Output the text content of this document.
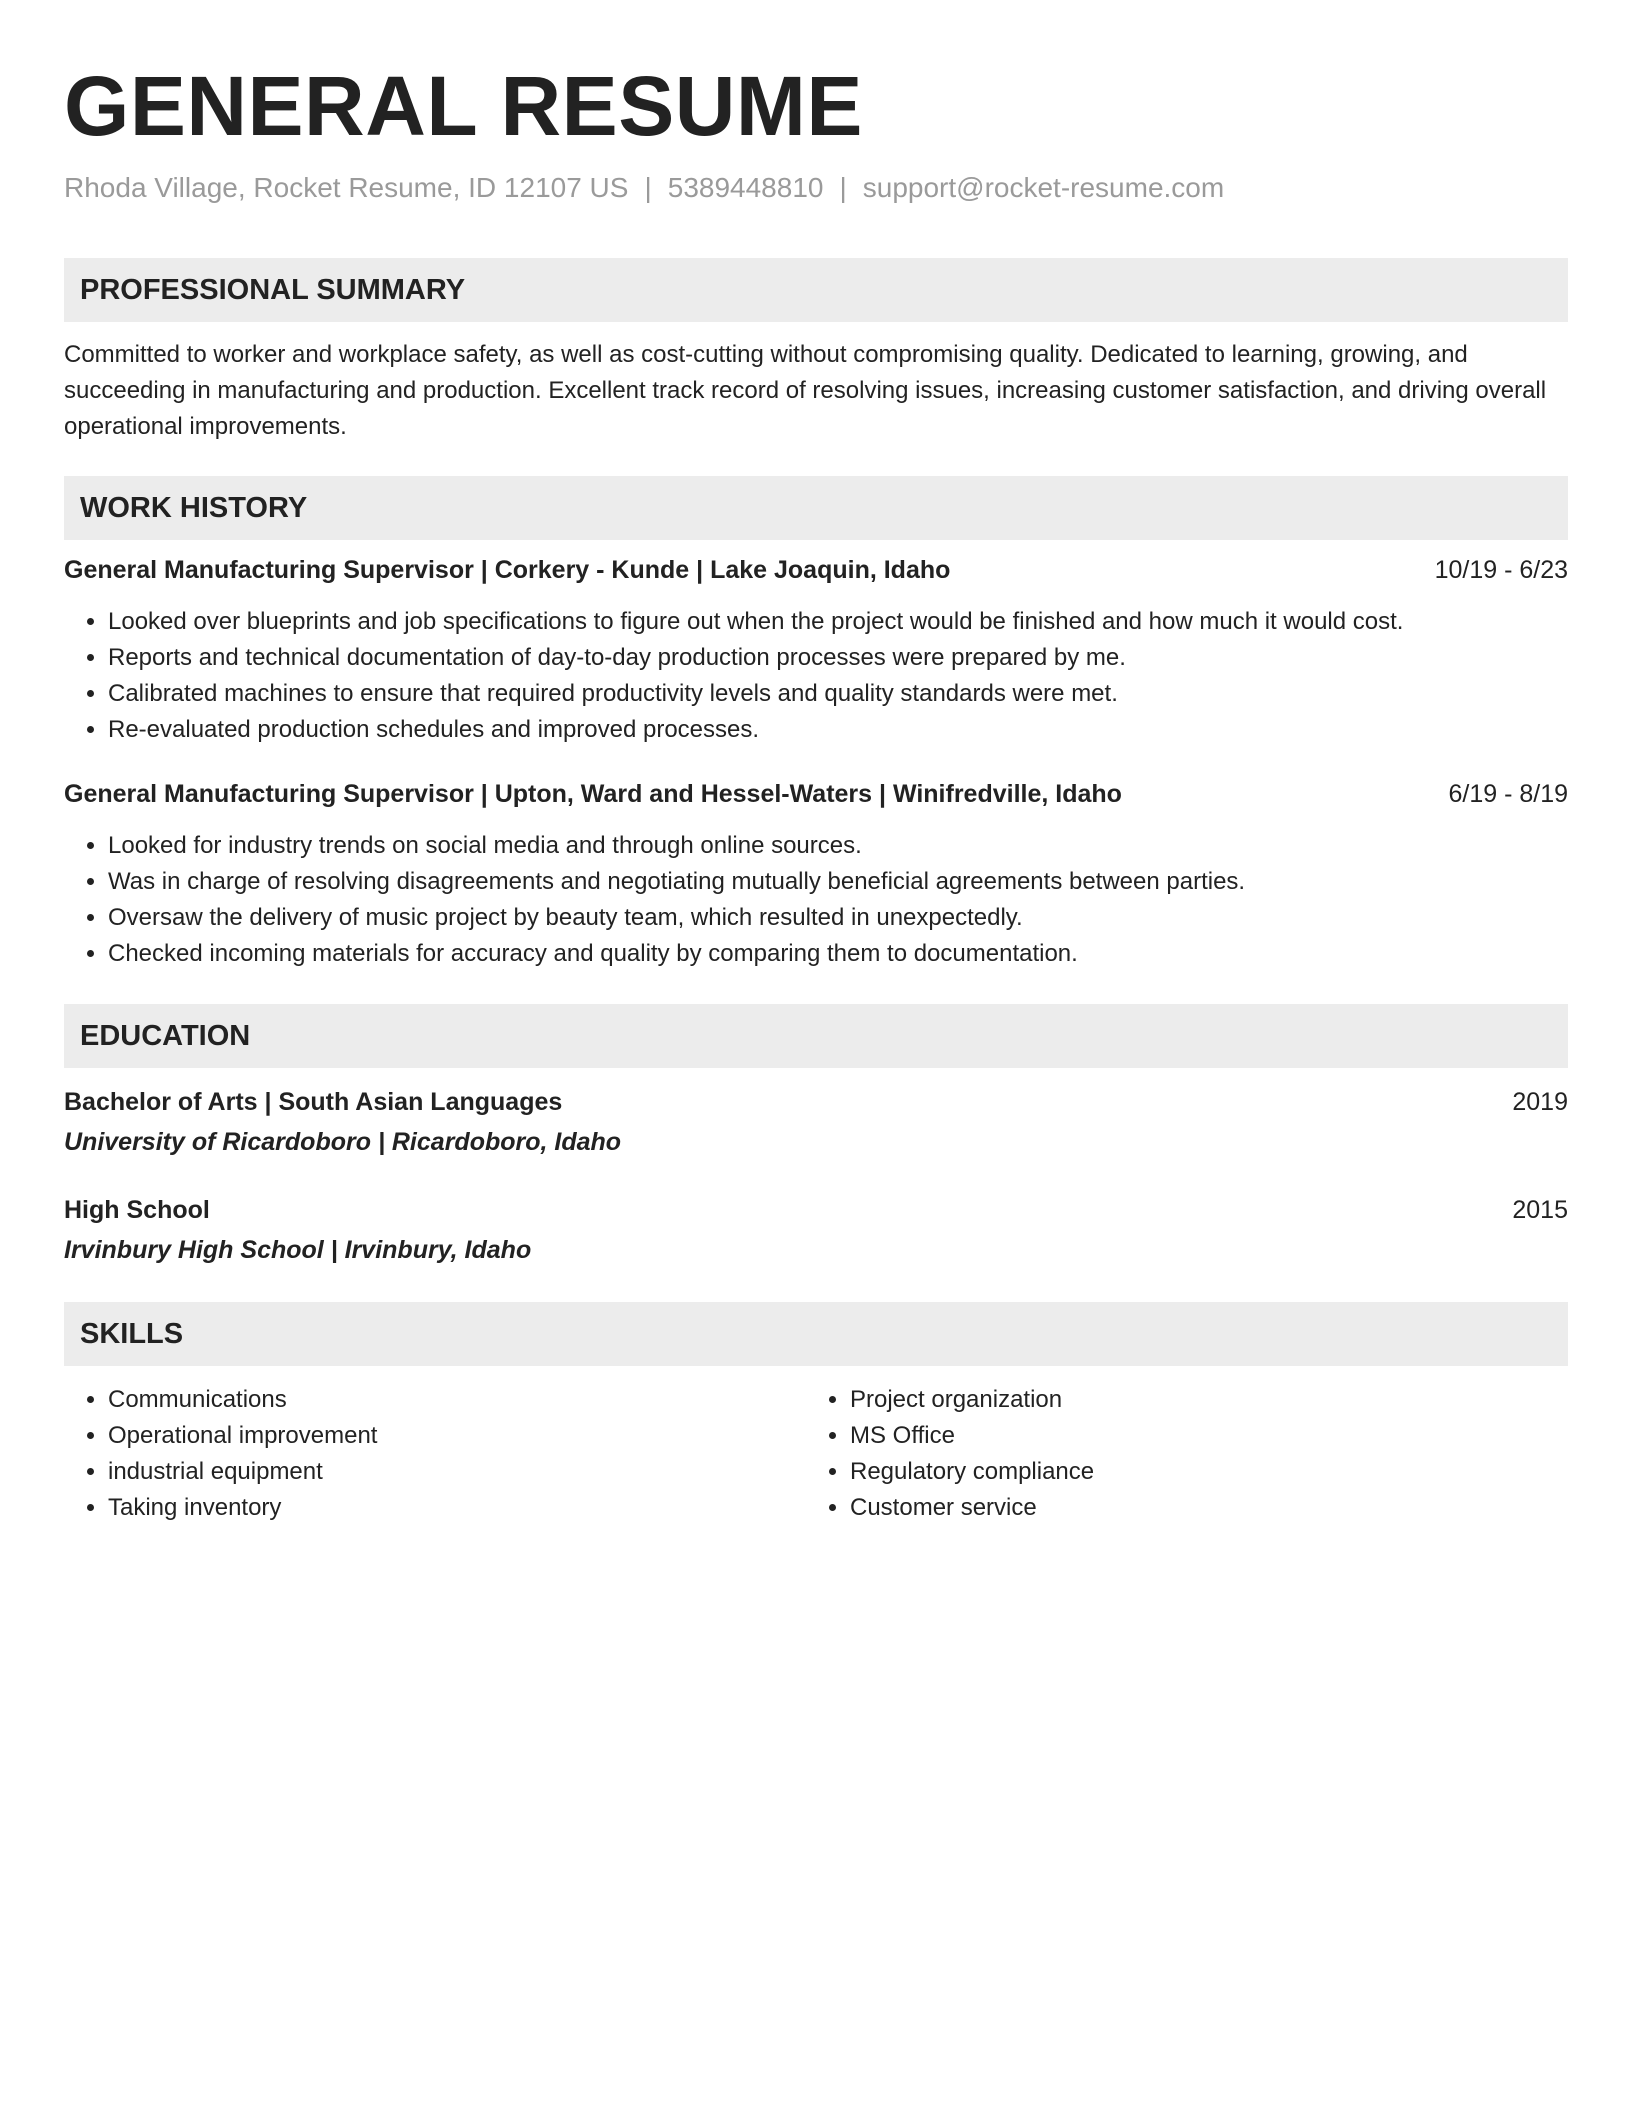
GENERAL RESUME
Rhoda Village, Rocket Resume, ID 12107 US | 5389448810 | support@rocket-resume.com
PROFESSIONAL SUMMARY
Committed to worker and workplace safety, as well as cost-cutting without compromising quality. Dedicated to learning, growing, and succeeding in manufacturing and production. Excellent track record of resolving issues, increasing customer satisfaction, and driving overall operational improvements.
WORK HISTORY
General Manufacturing Supervisor | Corkery - Kunde | Lake Joaquin, Idaho	10/19 - 6/23
• Looked over blueprints and job specifications to figure out when the project would be finished and how much it would cost.
• Reports and technical documentation of day-to-day production processes were prepared by me.
• Calibrated machines to ensure that required productivity levels and quality standards were met.
• Re-evaluated production schedules and improved processes.
General Manufacturing Supervisor | Upton, Ward and Hessel-Waters | Winifredville, Idaho	6/19 - 8/19
• Looked for industry trends on social media and through online sources.
• Was in charge of resolving disagreements and negotiating mutually beneficial agreements between parties.
• Oversaw the delivery of music project by beauty team, which resulted in unexpectedly.
• Checked incoming materials for accuracy and quality by comparing them to documentation.
EDUCATION
Bachelor of Arts | South Asian Languages	2019
University of Ricardoboro | Ricardoboro, Idaho
High School	2015
Irvinbury High School | Irvinbury, Idaho
SKILLS
• Communications
• Operational improvement
• industrial equipment
• Taking inventory
• Project organization
• MS Office
• Regulatory compliance
• Customer service
